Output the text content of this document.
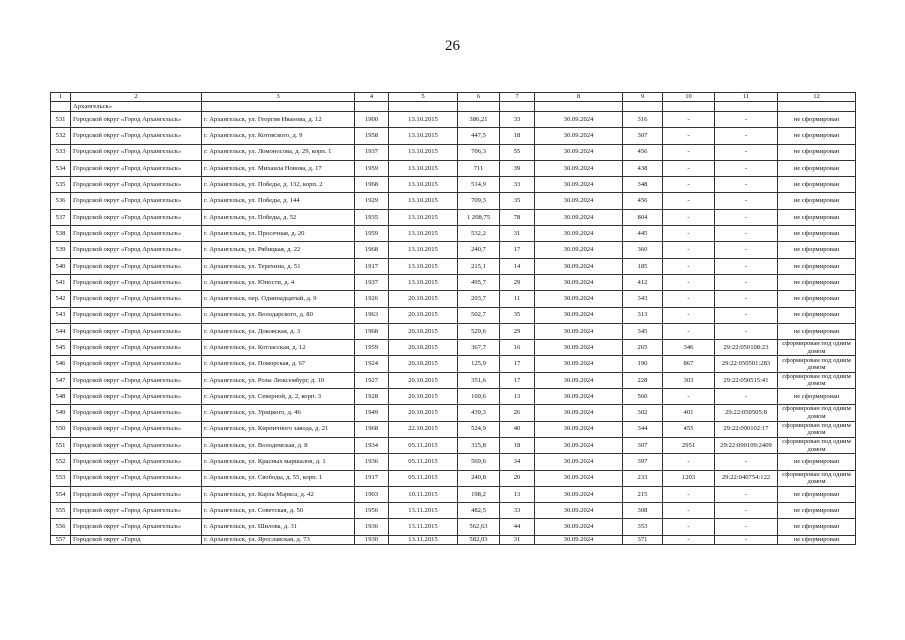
26
1	2	3	4	5	6	7	8	9	10	11	12
	Архангельск»										
531	Городской округ «Город Архангельск»	г. Архангельск, ул. Георгия Иванова, д. 12	1900	13.10.2015	386,21	33	30.09.2024	316	-	-	не сформирован
532	Городской округ «Город Архангельск»	г. Архангельск, ул. Котовского, д. 9	1958	13.10.2015	447,5	18	30.09.2024	307	-	-	не сформирован
533	Городской округ «Город Архангельск»	г. Архангельск, ул. Ломоносова, д. 29, корп. 1	1937	13.10.2015	706,3	55	30.09.2024	456	-	-	не сформирован
534	Городской округ «Город Архангельск»	г. Архангельск, ул. Михаила Новова, д. 17	1959	13.10.2015	711	39	30.09.2024	438	-	-	не сформирован
535	Городской округ «Город Архангельск»	г. Архангельск, ул. Победы, д. 132, корп. 2	1968	13.10.2015	514,9	33	30.09.2024	348	-	-	не сформирован
536	Городской округ «Город Архангельск»	г. Архангельск, ул. Победы, д. 144	1929	13.10.2015	709,3	35	30.09.2024	456	-	-	не сформирован
537	Городской округ «Город Архангельск»	г. Архангельск, ул. Победы, д. 52	1935	13.10.2015	1 208,75	78	30.09.2024	804	-	-	не сформирован
538	Городской округ «Город Архангельск»	г. Архангельск, ул. Просечная, д. 20	1959	13.10.2015	532,2	31	30.09.2024	445	-	-	не сформирован
539	Городской округ «Город Архангельск»	г. Архангельск, ул. Рябицкая, д. 22	1968	13.10.2015	240,7	17	30.09.2024	360	-	-	не сформирован
540	Городской округ «Город Архангельск»	г. Архангельск, ул. Терехина, д. 51	1917	13.10.2015	215,1	14	30.09.2024	185	-	-	не сформирован
541	Городской округ «Город Архангельск»	г. Архангельск, ул. Юности, д. 4	1937	13.10.2015	495,7	29	30.09.2024	412	-	-	не сформирован
542	Городской округ «Город Архангельск»	г. Архангельск, пер. Одиннадцатый, д. 9	1926	20.10.2015	203,7	11	30.09.2024	343	-	-	не сформирован
543	Городской округ «Город Архангельск»	г. Архангельск, ул. Володарского, д. 80	1963	20.10.2015	502,7	35	30.09.2024	313	-	-	не сформирован
544	Городской округ «Город Архангельск»	г. Архангельск, ул. Доковская, д. 3	1968	20.10.2015	529,6	29	30.09.2024	345	-	-	не сформирован
545	Городской округ «Город Архангельск»	г. Архангельск, ул. Котласская, д. 12	1959	20.10.2015	367,7	16	30.09.2024	265	346	29:22:050108:23	сформирован под одним домом
546	Городской округ «Город Архангельск»	г. Архангельск, ул. Поморская, д. 67	1924	20.10.2015	125,9	17	30.09.2024	190	867	29:22:050501:283	сформирован под одним домом
547	Городской округ «Город Архангельск»	г. Архангельск, ул. Розы Люксембург, д. 10	1927	20.10.2015	351,6	17	30.09.2024	228	303	29:22:050515:41	сформирован под одним домом
548	Городской округ «Город Архангельск»	г. Архангельск, ул. Северной, д. 2, корп. 3	1928	20.10.2015	169,6	13	30.09.2024	560	-	-	не сформирован
549	Городской округ «Город Архангельск»	г. Архангельск, ул. Урицкого, д. 46	1949	20.10.2015	439,3	26	30.09.2024	302	401	29:22:050505:8	сформирован под одним домом
550	Городской округ «Город Архангельск»	г. Архангельск, ул. Кирпичного завода, д. 21	1968	22.10.2015	524,9	40	30.09.2024	344	455	29:22:090102:17	сформирован под одним домом
551	Городской округ «Город Архангельск»	г. Архангельск, ул. Володемская, д. 8	1934	05.11.2015	315,8	18	30.09.2024	307	2951	29:22:090109:2409	сформирован под одним домом
552	Городской округ «Город Архангельск»	г. Архангельск, ул. Красных маршалов, д. 1	1936	05.11.2015	569,6	34	30.09.2024	397	-	-	не сформирован
553	Городской округ «Город Архангельск»	г. Архангельск, ул. Свободы, д. 55, корп. 1	1917	05.11.2015	240,8	20	30.09.2024	233	1203	29:22:040754:122	сформирован под одним домом
554	Городской округ «Город Архангельск»	г. Архангельск, ул. Карла Маркса, д. 42	1903	10.11.2015	198,2	13	30.09.2024	215	-	-	не сформирован
555	Городской округ «Город Архангельск»	г. Архангельск, ул. Советская, д. 50	1956	13.11.2015	482,5	33	30.09.2024	308	-	-	не сформирован
556	Городской округ «Город Архангельск»	г. Архангельск, ул. Шилова, д. 31	1936	13.11.2015	562,63	44	30.09.2024	353	-	-	не сформирован
557	Городской округ «Город	г. Архангельск, ул. Ярославская, д. 73	1930	13.11.2015	582,03	31	30.09.2024	371	-	-	не сформирован
